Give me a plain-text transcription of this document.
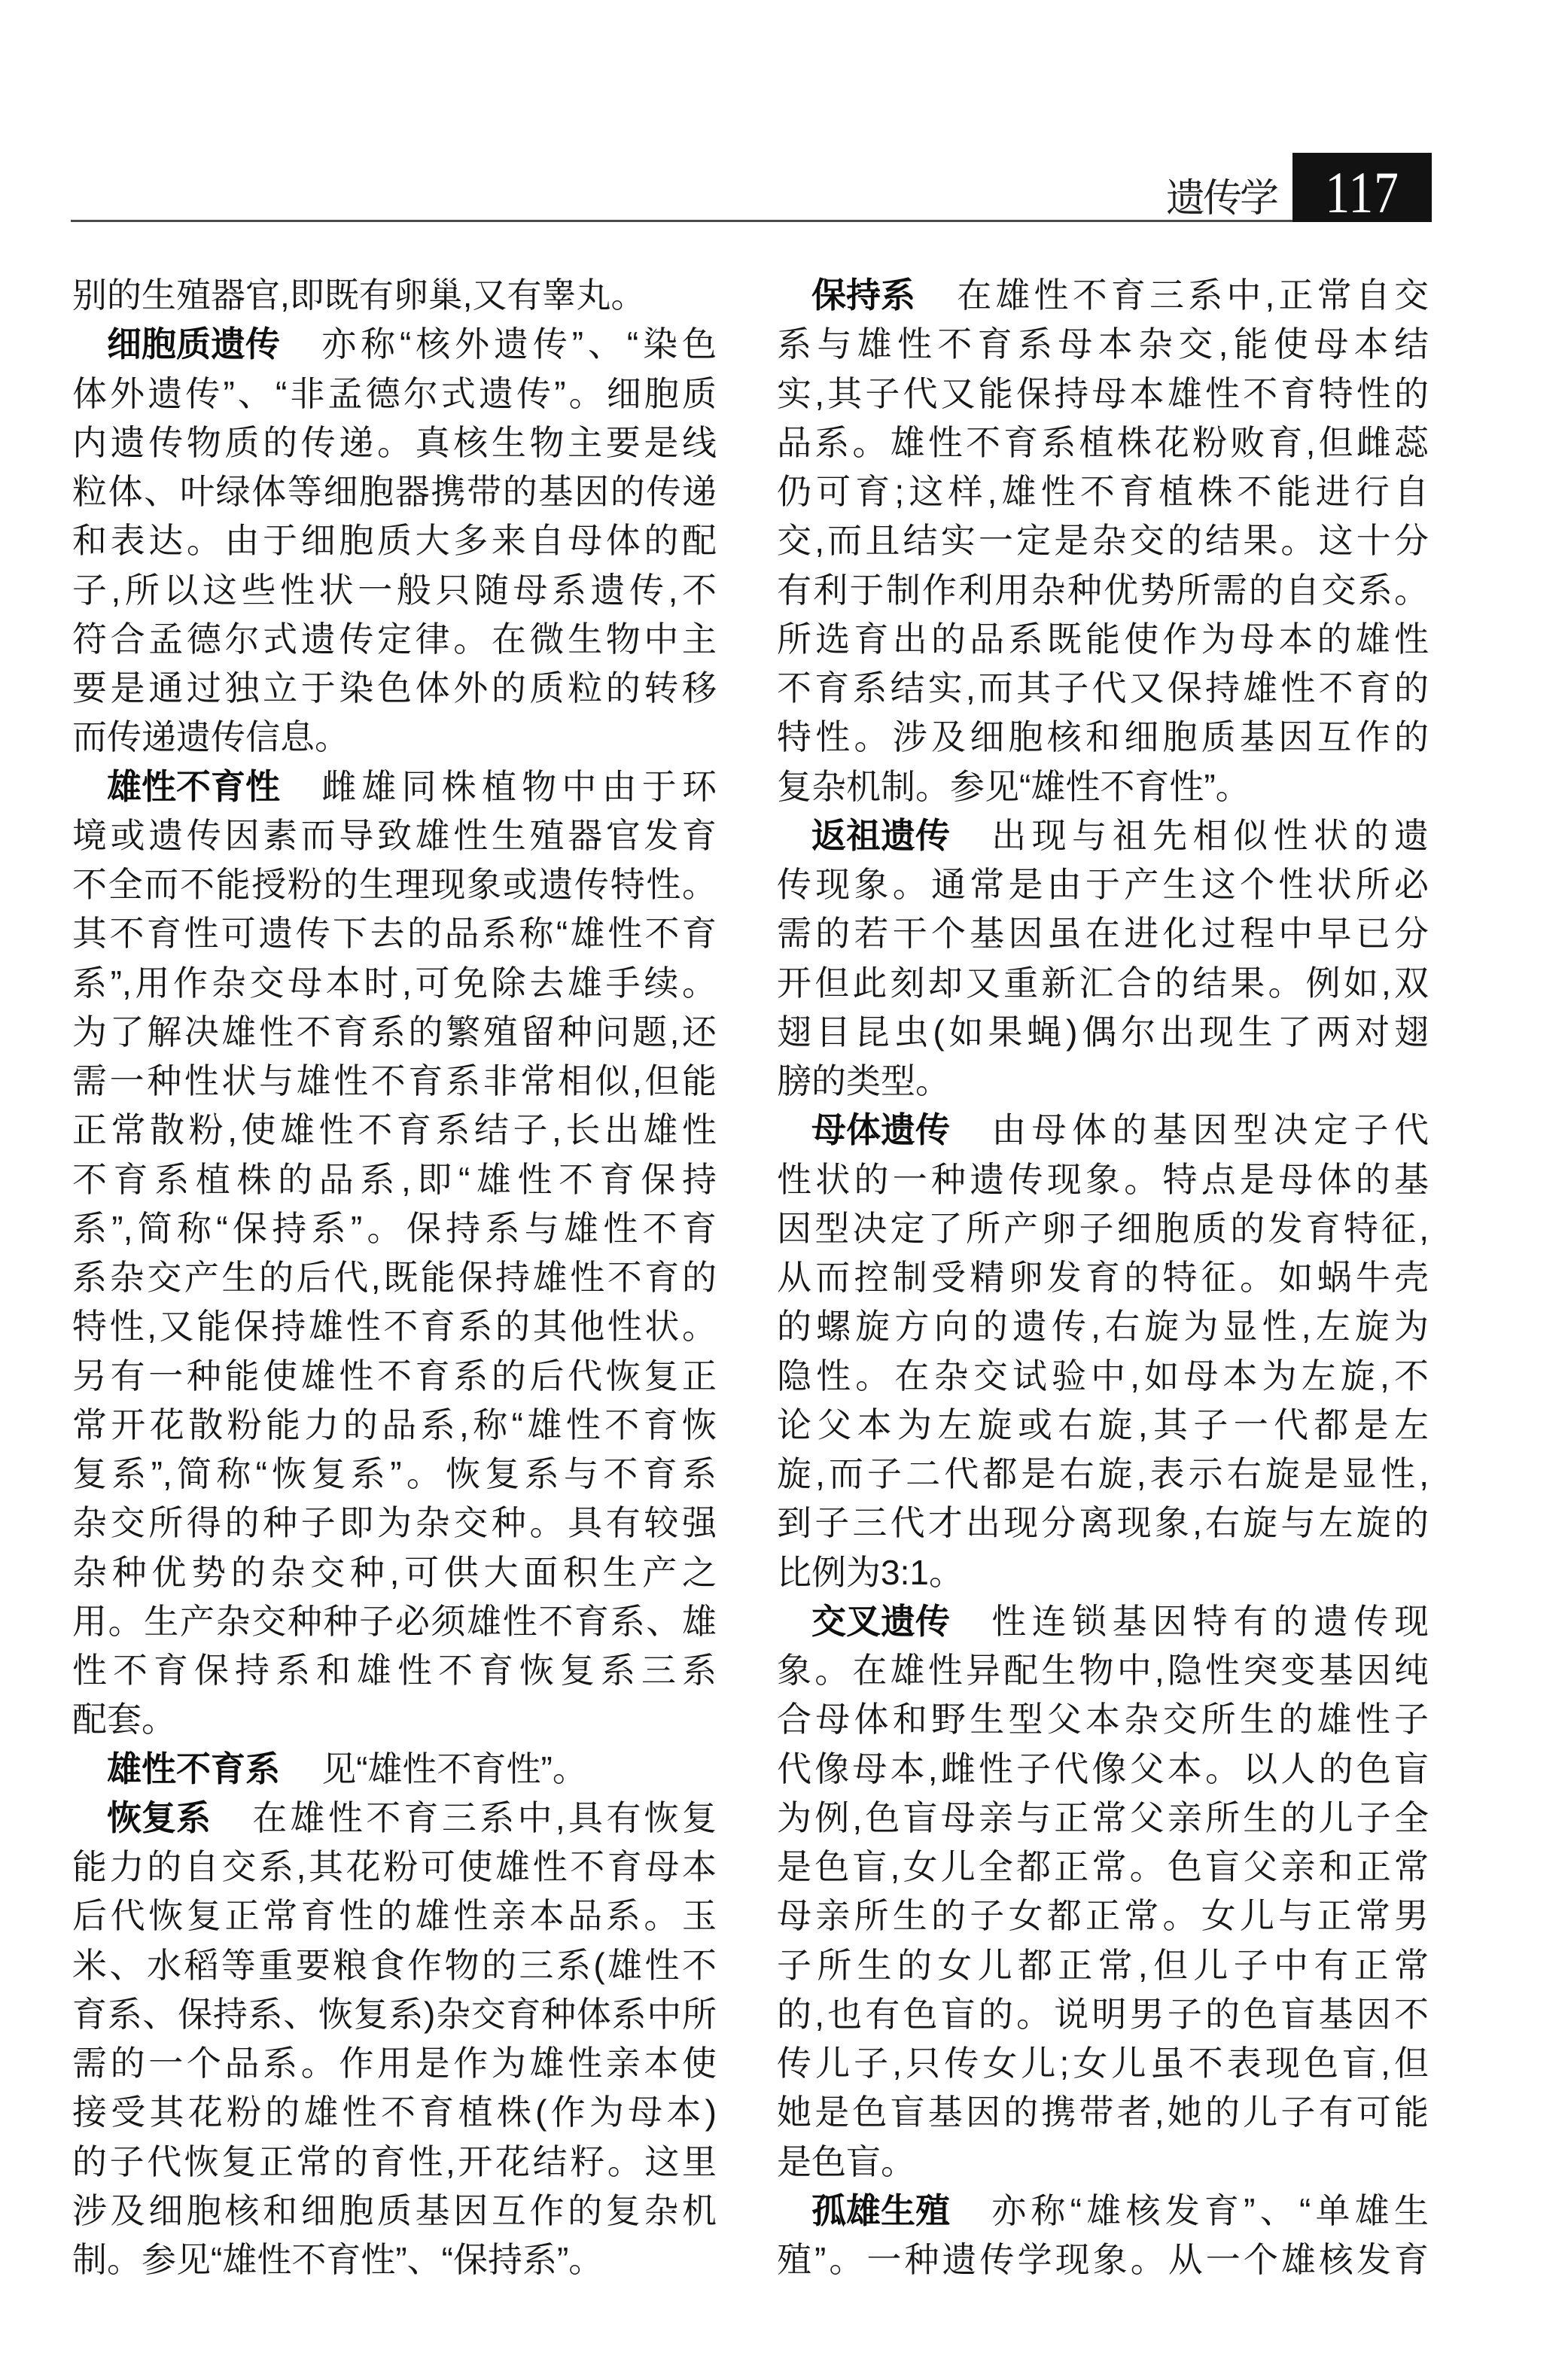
遗传学 117
别的生殖器官,即既有卵巢,又有睾丸。
细胞质遗传 亦称“核外遗传”、“染色
体外遗传”、“非孟德尔式遗传”。细胞质
内遗传物质的传递。真核生物主要是线
粒体、叶绿体等细胞器携带的基因的传递
和表达。由于细胞质大多来自母体的配
子,所以这些性状一般只随母系遗传,不
符合孟德尔式遗传定律。在微生物中主
要是通过独立于染色体外的质粒的转移
而传递遗传信息。
雄性不育性 雌雄同株植物中由于环
境或遗传因素而导致雄性生殖器官发育
不全而不能授粉的生理现象或遗传特性。
其不育性可遗传下去的品系称“雄性不育
系”,用作杂交母本时,可免除去雄手续。
为了解决雄性不育系的繁殖留种问题,还
需一种性状与雄性不育系非常相似,但能
正常散粉,使雄性不育系结子,长出雄性
不育系植株的品系,即“雄性不育保持
系”,简称“保持系”。保持系与雄性不育
系杂交产生的后代,既能保持雄性不育的
特性,又能保持雄性不育系的其他性状。
另有一种能使雄性不育系的后代恢复正
常开花散粉能力的品系,称“雄性不育恢
复系”,简称“恢复系”。恢复系与不育系
杂交所得的种子即为杂交种。具有较强
杂种优势的杂交种,可供大面积生产之
用。生产杂交种种子必须雄性不育系、雄
性不育保持系和雄性不育恢复系三系
配套。
雄性不育系 见“雄性不育性”。
恢复系 在雄性不育三系中,具有恢复
能力的自交系,其花粉可使雄性不育母本
后代恢复正常育性的雄性亲本品系。玉
米、水稻等重要粮食作物的三系(雄性不
育系、保持系、恢复系)杂交育种体系中所
需的一个品系。作用是作为雄性亲本使
接受其花粉的雄性不育植株(作为母本)
的子代恢复正常的育性,开花结籽。这里
涉及细胞核和细胞质基因互作的复杂机
制。参见“雄性不育性”、“保持系”。
保持系 在雄性不育三系中,正常自交
系与雄性不育系母本杂交,能使母本结
实,其子代又能保持母本雄性不育特性的
品系。雄性不育系植株花粉败育,但雌蕊
仍可育;这样,雄性不育植株不能进行自
交,而且结实一定是杂交的结果。这十分
有利于制作利用杂种优势所需的自交系。
所选育出的品系既能使作为母本的雄性
不育系结实,而其子代又保持雄性不育的
特性。涉及细胞核和细胞质基因互作的
复杂机制。参见“雄性不育性”。
返祖遗传 出现与祖先相似性状的遗
传现象。通常是由于产生这个性状所必
需的若干个基因虽在进化过程中早已分
开但此刻却又重新汇合的结果。例如,双
翅目昆虫(如果蝇)偶尔出现生了两对翅
膀的类型。
母体遗传 由母体的基因型决定子代
性状的一种遗传现象。特点是母体的基
因型决定了所产卵子细胞质的发育特征,
从而控制受精卵发育的特征。如蜗牛壳
的螺旋方向的遗传,右旋为显性,左旋为
隐性。在杂交试验中,如母本为左旋,不
论父本为左旋或右旋,其子一代都是左
旋,而子二代都是右旋,表示右旋是显性,
到子三代才出现分离现象,右旋与左旋的
比例为3:1。
交叉遗传 性连锁基因特有的遗传现
象。在雄性异配生物中,隐性突变基因纯
合母体和野生型父本杂交所生的雄性子
代像母本,雌性子代像父本。以人的色盲
为例,色盲母亲与正常父亲所生的儿子全
是色盲,女儿全都正常。色盲父亲和正常
母亲所生的子女都正常。女儿与正常男
子所生的女儿都正常,但儿子中有正常
的,也有色盲的。说明男子的色盲基因不
传儿子,只传女儿;女儿虽不表现色盲,但
她是色盲基因的携带者,她的儿子有可能
是色盲。
孤雄生殖 亦称“雄核发育”、“单雄生
殖”。一种遗传学现象。从一个雄核发育
